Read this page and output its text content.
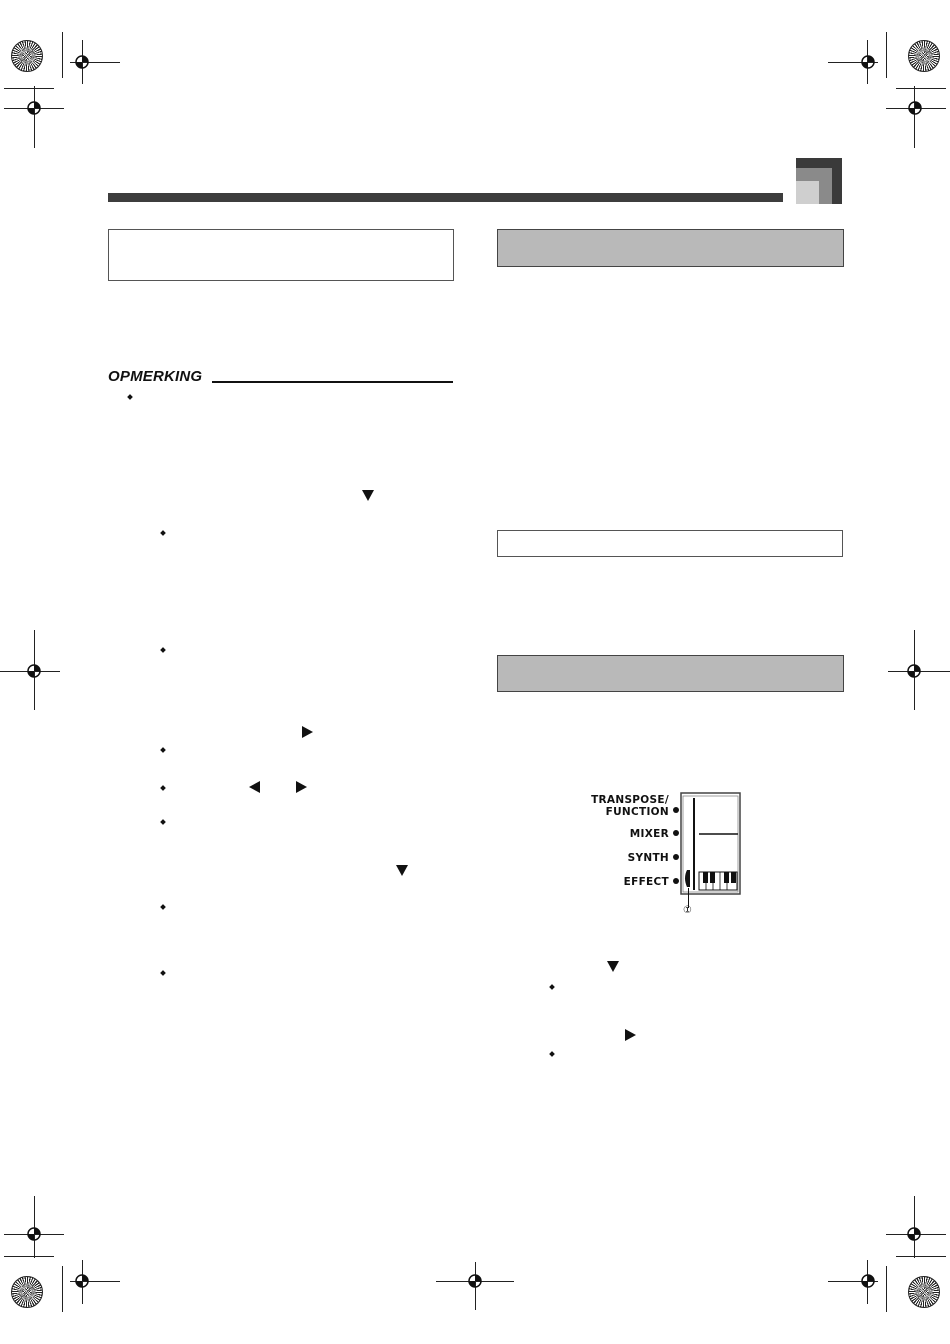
OPMERKING
TRANSPOSE/
FUNCTION
MIXER
SYNTH
EFFECT
①
